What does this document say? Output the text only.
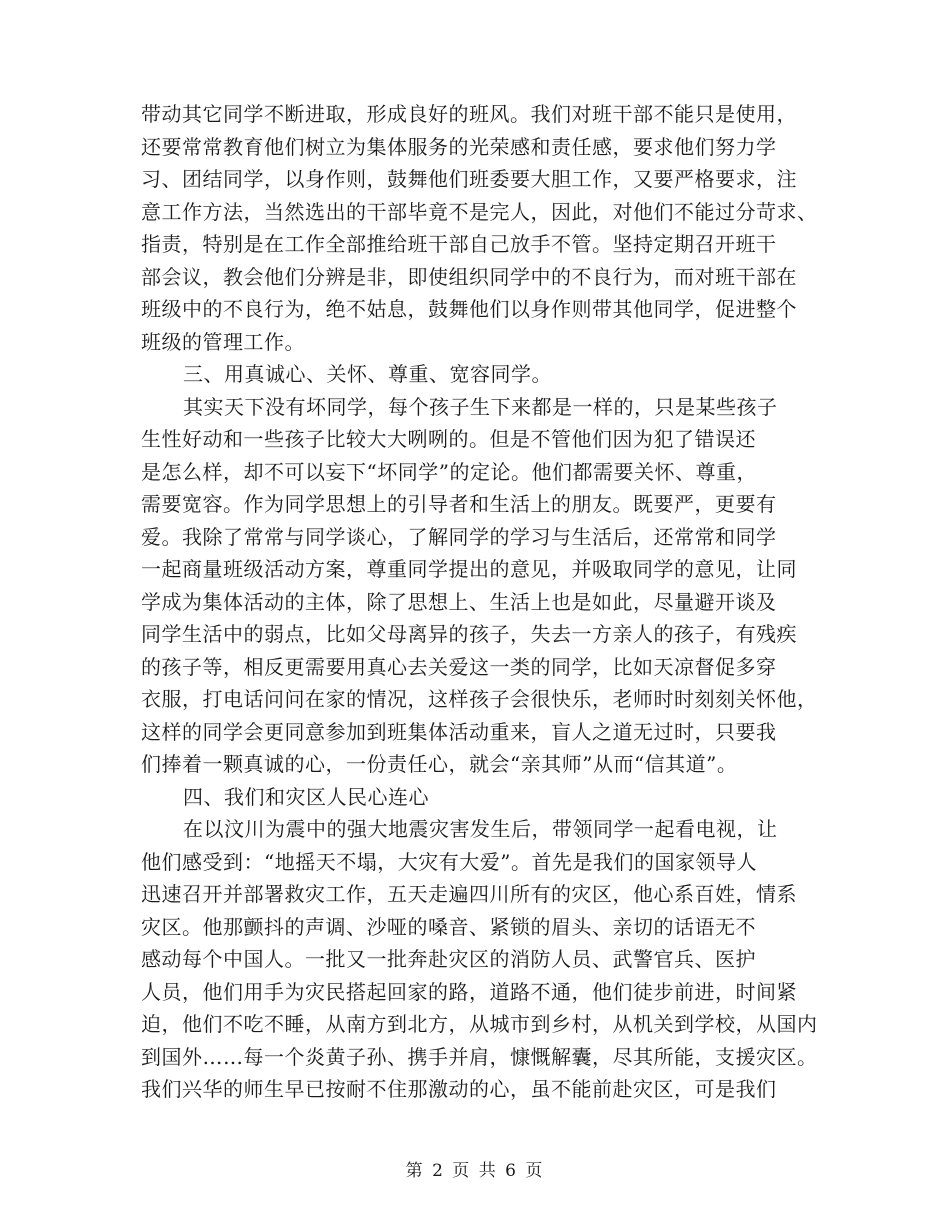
带动其它同学不断进取，形成良好的班风。我们对班干部不能只是使用，
还要常常教育他们树立为集体服务的光荣感和责任感，要求他们努力学
习、团结同学，以身作则，鼓舞他们班委要大胆工作，又要严格要求，注
意工作方法，当然选出的干部毕竟不是完人，因此，对他们不能过分苛求、
指责，特别是在工作全部推给班干部自己放手不管。坚持定期召开班干
部会议，教会他们分辨是非，即使组织同学中的不良行为，而对班干部在
班级中的不良行为，绝不姑息，鼓舞他们以身作则带其他同学，促进整个
班级的管理工作。
三、用真诚心、关怀、尊重、宽容同学。
其实天下没有坏同学，每个孩子生下来都是一样的，只是某些孩子
生性好动和一些孩子比较大大咧咧的。但是不管他们因为犯了错误还
是怎么样，却不可以妄下“坏同学”的定论。他们都需要关怀、尊重，
需要宽容。作为同学思想上的引导者和生活上的朋友。既要严，更要有
爱。我除了常常与同学谈心，了解同学的学习与生活后，还常常和同学
一起商量班级活动方案，尊重同学提出的意见，并吸取同学的意见，让同
学成为集体活动的主体，除了思想上、生活上也是如此，尽量避开谈及
同学生活中的弱点，比如父母离异的孩子，失去一方亲人的孩子，有残疾
的孩子等，相反更需要用真心去关爱这一类的同学，比如天凉督促多穿
衣服，打电话问问在家的情况，这样孩子会很快乐，老师时时刻刻关怀他，
这样的同学会更同意参加到班集体活动重来，盲人之道无过时，只要我
们捧着一颗真诚的心，一份责任心，就会“亲其师”从而“信其道”。
四、我们和灾区人民心连心
在以汶川为震中的强大地震灾害发生后，带领同学一起看电视，让
他们感受到：“地摇天不塌，大灾有大爱”。首先是我们的国家领导人
迅速召开并部署救灾工作，五天走遍四川所有的灾区，他心系百姓，情系
灾区。他那颤抖的声调、沙哑的嗓音、紧锁的眉头、亲切的话语无不
感动每个中国人。一批又一批奔赴灾区的消防人员、武警官兵、医护
人员，他们用手为灾民搭起回家的路，道路不通，他们徒步前进，时间紧
迫，他们不吃不睡，从南方到北方，从城市到乡村，从机关到学校，从国内
到国外……每一个炎黄子孙、携手并肩，慷慨解囊，尽其所能，支援灾区。
我们兴华的师生早已按耐不住那激动的心，虽不能前赴灾区，可是我们
第 2 页 共 6 页
